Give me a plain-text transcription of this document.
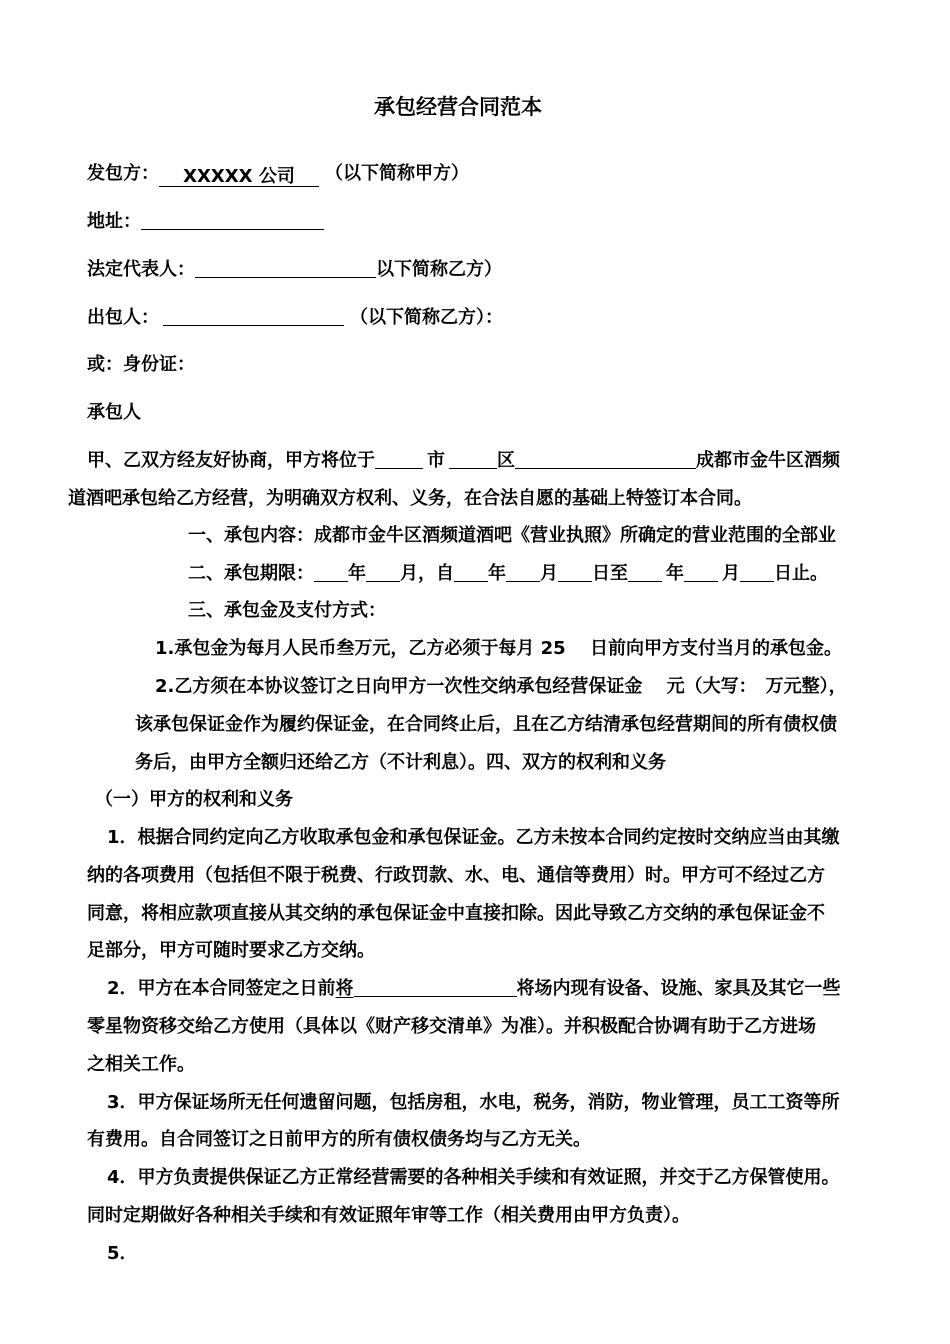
承包经营合同范本
发包方： XXXXX 公司 （以下简称甲方）
地址：
法定代表人：	以下简称乙方）
出包人：	（以下简称乙方）：
或：身份证：
承包人
甲、乙双方经友好协商，甲方将位于	市	区	成都市金牛区酒频
道酒吧承包给乙方经营，为明确双方权利、义务，在合法自愿的基础上特签订本合同。
一、承包内容：成都市金牛区酒频道酒吧《营业执照》所确定的营业范围的全部业
二、承包期限： 年 月，自 年 月 日至 年 月 日止。
三、承包金及支付方式：
1.承包金为每月人民币叁万元，乙方必须于每月 25　 日前向甲方支付当月的承包金。
2.乙方须在本协议签订之日向甲方一次性交纳承包经营保证金　 元（大写：　万元整），
该承包保证金作为履约保证金，在合同终止后，且在乙方结清承包经营期间的所有债权债
务后，由甲方全额归还给乙方（不计利息）。四、双方的权利和义务
（一）甲方的权利和义务
1．根据合同约定向乙方收取承包金和承包保证金。乙方未按本合同约定按时交纳应当由其缴
纳的各项费用（包括但不限于税费、行政罚款、水、电、通信等费用）时。甲方可不经过乙方
同意，将相应款项直接从其交纳的承包保证金中直接扣除。因此导致乙方交纳的承包保证金不
足部分，甲方可随时要求乙方交纳。
2．甲方在本合同签定之日前将	将场内现有设备、设施、家具及其它一些
零星物资移交给乙方使用（具体以《财产移交清单》为准）。并积极配合协调有助于乙方进场
之相关工作。
3．甲方保证场所无任何遗留问题，包括房租，水电，税务，消防，物业管理，员工工资等所
有费用。自合同签订之日前甲方的所有债权债务均与乙方无关。
4．甲方负责提供保证乙方正常经营需要的各种相关手续和有效证照，并交于乙方保管使用。
同时定期做好各种相关手续和有效证照年审等工作（相关费用由甲方负责）。
5．
